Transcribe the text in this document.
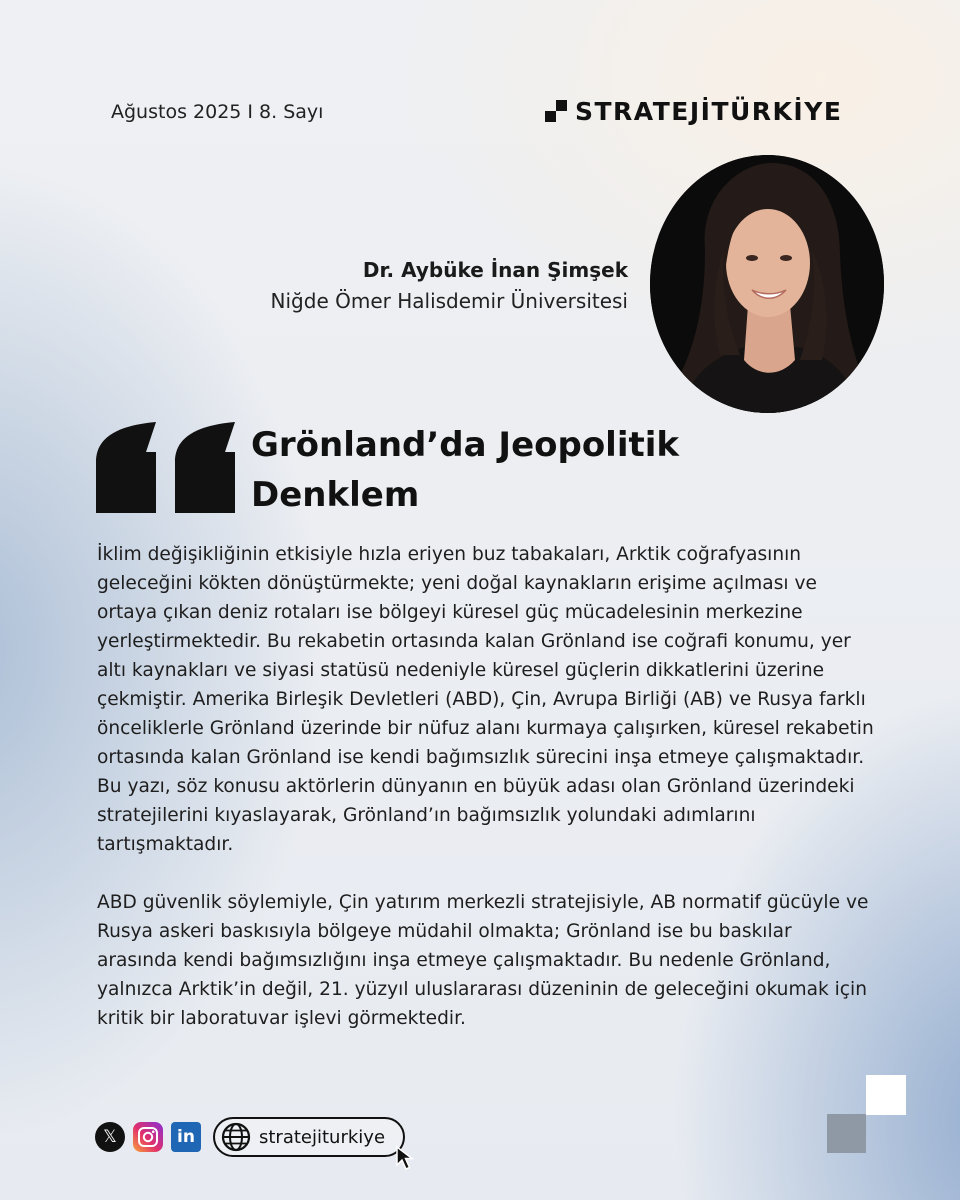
Ağustos 2025 I 8. Sayı	STRATEJİTÜRKİYE
Dr. Aybüke İnan Şimşek
Niğde Ömer Halisdemir Üniversitesi
Grönland’da Jeopolitik
Denklem

İklim değişikliğinin etkisiyle hızla eriyen buz tabakaları, Arktik coğrafyasının geleceğini kökten dönüştürmekte; yeni doğal kaynakların erişime açılması ve ortaya çıkan deniz rotaları ise bölgeyi küresel güç mücadelesinin merkezine yerleştirmektedir. Bu rekabetin ortasında kalan Grönland ise coğrafi konumu, yer altı kaynakları ve siyasi statüsü nedeniyle küresel güçlerin dikkatlerini üzerine çekmiştir. Amerika Birleşik Devletleri (ABD), Çin, Avrupa Birliği (AB) ve Rusya farklı önceliklerle Grönland üzerinde bir nüfuz alanı kurmaya çalışırken, küresel rekabetin ortasında kalan Grönland ise kendi bağımsızlık sürecini inşa etmeye çalışmaktadır. Bu yazı, söz konusu aktörlerin dünyanın en büyük adası olan Grönland üzerindeki stratejilerini kıyaslayarak, Grönland’ın bağımsızlık yolundaki adımlarını tartışmaktadır.

ABD güvenlik söylemiyle, Çin yatırım merkezli stratejisiyle, AB normatif gücüyle ve Rusya askeri baskısıyla bölgeye müdahil olmakta; Grönland ise bu baskılar arasında kendi bağımsızlığını inşa etmeye çalışmaktadır. Bu nedenle Grönland, yalnızca Arktik’in değil, 21. yüzyıl uluslararası düzeninin de geleceğini okumak için kritik bir laboratuvar işlevi görmektedir.

𝕏	in	stratejiturkiye
